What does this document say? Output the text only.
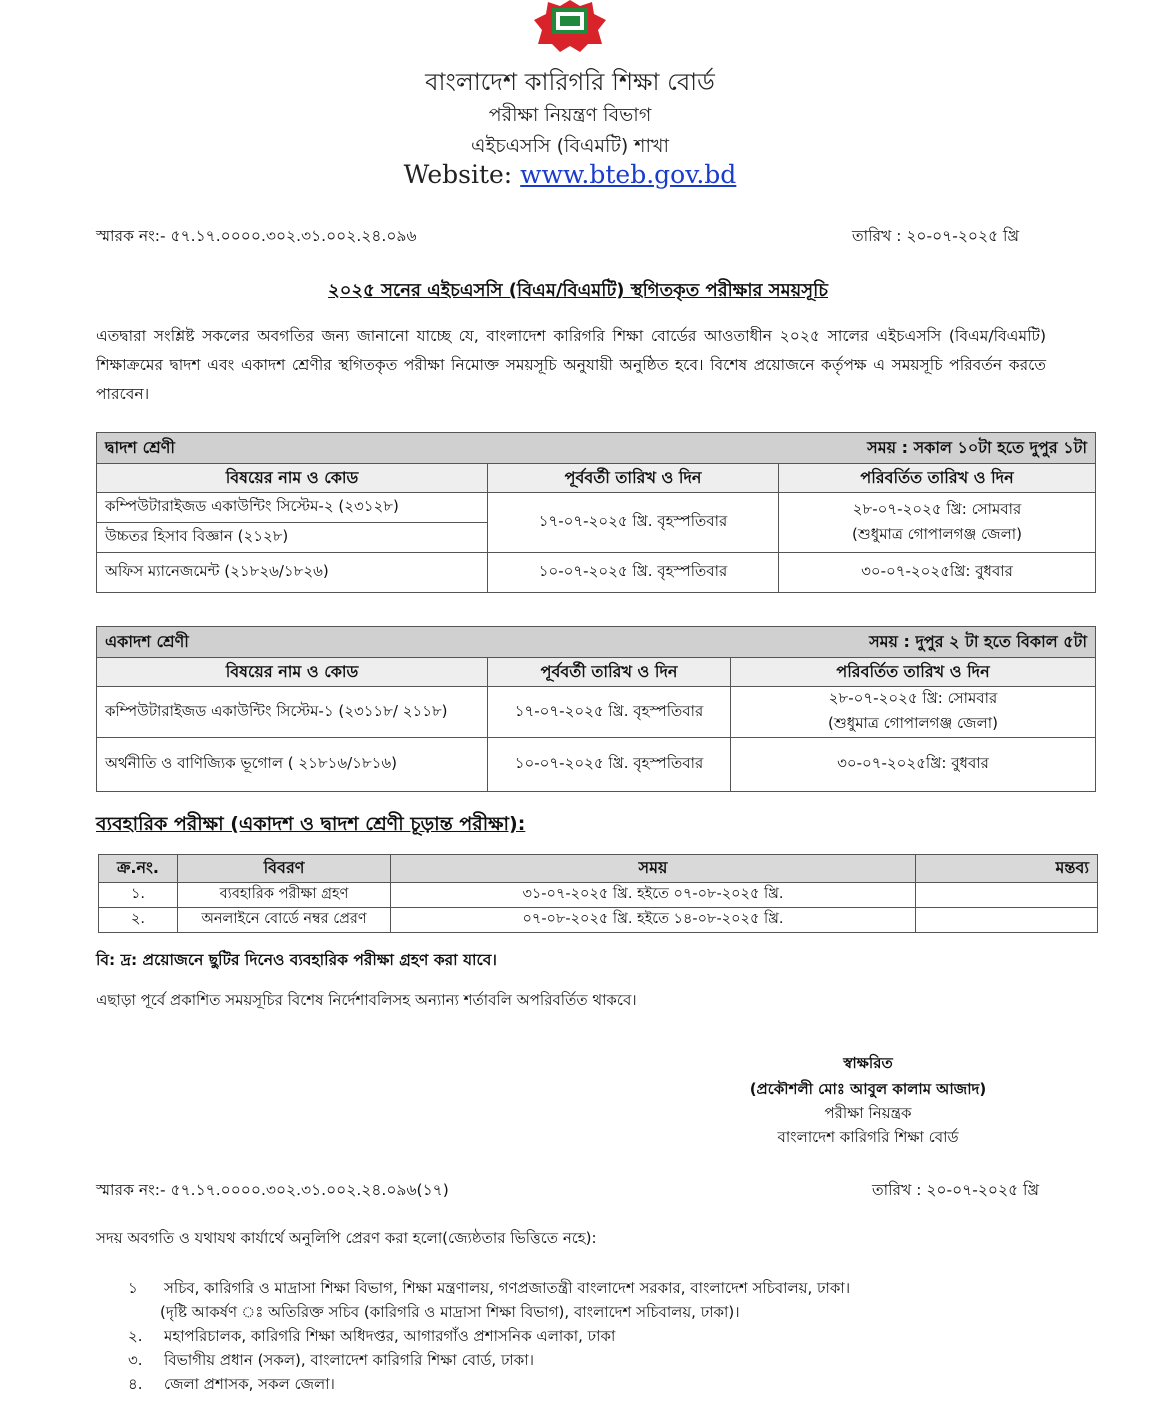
বাংলাদেশ কারিগরি শিক্ষা বোর্ড
পরীক্ষা নিয়ন্ত্রণ বিভাগ
এইচএসসি (বিএমটি) শাখা
Website: www.bteb.gov.bd
স্মারক নং:- ৫৭.১৭.০০০০.৩০২.৩১.০০২.২৪.০৯৬	তারিখ : ২০-০৭-২০২৫ খ্রি
২০২৫ সনের এইচএসসি (বিএম/বিএমটি) স্থগিতকৃত পরীক্ষার সময়সূচি
এতদ্বারা সংশ্লিষ্ট সকলের অবগতির জন্য জানানো যাচ্ছে যে, বাংলাদেশ কারিগরি শিক্ষা বোর্ডের আওতাধীন ২০২৫ সালের এইচএসসি (বিএম/বিএমটি) শিক্ষাক্রমের দ্বাদশ এবং একাদশ শ্রেণীর স্থগিতকৃত পরীক্ষা নিমোক্ত সময়সূচি অনুযায়ী অনুষ্ঠিত হবে। বিশেষ প্রয়োজনে কর্তৃপক্ষ এ সময়সূচি পরিবর্তন করতে পারবেন।
দ্বাদশ শ্রেণী		সময় : সকাল ১০টা হতে দুপুর ১টা
বিষয়ের নাম ও কোড	পূর্ববর্তী তারিখ ও দিন	পরিবর্তিত তারিখ ও দিন
কম্পিউটারাইজড একাউন্টিং সিস্টেম-২ (২৩১২৮)	১৭-০৭-২০২৫ খ্রি. বৃহস্পতিবার	২৮-০৭-২০২৫ খ্রি: সোমবার
(শুধুমাত্র গোপালগঞ্জ জেলা)

উচ্চতর হিসাব বিজ্ঞান (২১২৮)		
অফিস ম্যানেজমেন্ট (২১৮২৬/১৮২৬)	১০-০৭-২০২৫ খ্রি. বৃহস্পতিবার	৩০-০৭-২০২৫খ্রি: বুধবার
একাদশ শ্রেণী		সময় : দুপুর ২ টা হতে বিকাল ৫টা
বিষয়ের নাম ও কোড	পূর্ববর্তী তারিখ ও দিন	পরিবর্তিত তারিখ ও দিন
কম্পিউটারাইজড একাউন্টিং সিস্টেম-১ (২৩১১৮/ ২১১৮)	১৭-০৭-২০২৫ খ্রি. বৃহস্পতিবার	২৮-০৭-২০২৫ খ্রি: সোমবার
(শুধুমাত্র গোপালগঞ্জ জেলা)

অর্থনীতি ও বাণিজ্যিক ভূগোল ( ২১৮১৬/১৮১৬)	১০-০৭-২০২৫ খ্রি. বৃহস্পতিবার	৩০-০৭-২০২৫খ্রি: বুধবার
ব্যবহারিক পরীক্ষা (একাদশ ও দ্বাদশ শ্রেণী চূড়ান্ত পরীক্ষা):
ক্র.নং.	বিবরণ	সময়	মন্তব্য
১.	ব্যবহারিক পরীক্ষা গ্রহণ	৩১-০৭-২০২৫ খ্রি. হইতে ০৭-০৮-২০২৫ খ্রি.	
২.	অনলাইনে বোর্ডে নম্বর প্রেরণ	০৭-০৮-২০২৫ খ্রি. হইতে ১৪-০৮-২০২৫ খ্রি.	
বি: দ্র: প্রয়োজনে ছুটির দিনেও ব্যবহারিক পরীক্ষা গ্রহণ করা যাবে।
এছাড়া পূর্বে প্রকাশিত সময়সূচির বিশেষ নির্দেশাবলিসহ অন্যান্য শর্তাবলি অপরিবর্তিত থাকবে।
স্বাক্ষরিত
(প্রকৌশলী মোঃ আবুল কালাম আজাদ)
পরীক্ষা নিয়ন্ত্রক
বাংলাদেশ কারিগরি শিক্ষা বোর্ড
স্মারক নং:- ৫৭.১৭.০০০০.৩০২.৩১.০০২.২৪.০৯৬(১৭)	তারিখ : ২০-০৭-২০২৫ খ্রি
সদয় অবগতি ও যথাযথ কার্যার্থে অনুলিপি প্রেরণ করা হলো(জ্যেষ্ঠতার ভিত্তিতে নহে):
১ সচিব, কারিগরি ও মাদ্রাসা শিক্ষা বিভাগ, শিক্ষা মন্ত্রণালয়, গণপ্রজাতন্ত্রী বাংলাদেশ সরকার, বাংলাদেশ সচিবালয়, ঢাকা।
(দৃষ্টি আকর্ষণ ঃ অতিরিক্ত সচিব (কারিগরি ও মাদ্রাসা শিক্ষা বিভাগ), বাংলাদেশ সচিবালয়, ঢাকা)।
২. মহাপরিচালক, কারিগরি শিক্ষা অধিদপ্তর, আগারগাঁও প্রশাসনিক এলাকা, ঢাকা
৩. বিভাগীয় প্রধান (সকল), বাংলাদেশ কারিগরি শিক্ষা বোর্ড, ঢাকা।
৪. জেলা প্রশাসক, সকল জেলা।
